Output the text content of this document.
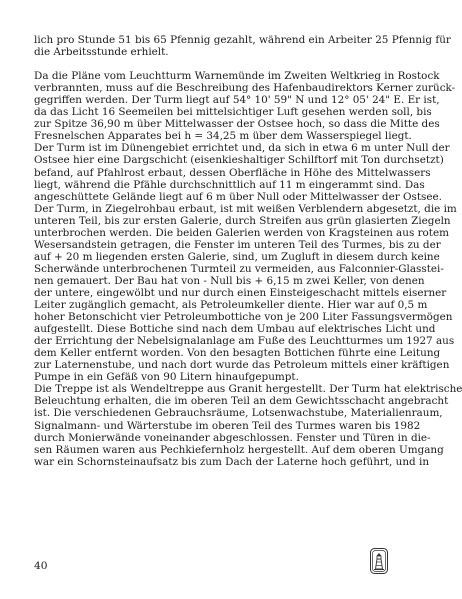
lich pro Stunde 51 bis 65 Pfennig gezahlt, während ein Arbeiter 25 Pfennig für
die Arbeitsstunde erhielt.
Da die Pläne vom Leuchtturm Warnemünde im Zweiten Weltkrieg in Rostock
verbrannten, muss auf die Beschreibung des Hafenbaudirektors Kerner zurück-
gegriffen werden. Der Turm liegt auf 54° 10' 59" N und 12° 05' 24" E. Er ist,
da das Licht 16 Seemeilen bei mittelsichtiger Luft gesehen werden soll, bis
zur Spitze 36,90 m über Mittelwasser der Ostsee hoch, so dass die Mitte des
Fresnelschen Apparates bei h = 34,25 m über dem Wasserspiegel liegt.
Der Turm ist im Dünengebiet errichtet und, da sich in etwa 6 m unter Null der
Ostsee hier eine Dargschicht (eisenkieshaltiger Schilftorf mit Ton durchsetzt)
befand, auf Pfahlrost erbaut, dessen Oberfläche in Höhe des Mittelwassers
liegt, während die Pfähle durchschnittlich auf 11 m eingerammt sind. Das
angeschüttete Gelände liegt auf 6 m über Null oder Mittelwasser der Ostsee.
Der Turm, in Ziegelrohbau erbaut, ist mit weißen Verblendern abgesetzt, die im
unteren Teil, bis zur ersten Galerie, durch Streifen aus grün glasierten Ziegeln
unterbrochen werden. Die beiden Galerien werden von Kragsteinen aus rotem
Wesersandstein getragen, die Fenster im unteren Teil des Turmes, bis zu der
auf + 20 m liegenden ersten Galerie, sind, um Zugluft in diesem durch keine
Scherwände unterbrochenen Turmteil zu vermeiden, aus Falconnier-Glasstei-
nen gemauert. Der Bau hat von - Null bis + 6,15 m zwei Keller, von denen
der untere, eingewölbt und nur durch einen Einsteigeschacht mittels eiserner
Leiter zugänglich gemacht, als Petroleumkeller diente. Hier war auf 0,5 m
hoher Betonschicht vier Petroleumbottiche von je 200 Liter Fassungsvermögen
aufgestellt. Diese Bottiche sind nach dem Umbau auf elektrisches Licht und
der Errichtung der Nebelsignalanlage am Fuße des Leuchtturmes um 1927 aus
dem Keller entfernt worden. Von den besagten Bottichen führte eine Leitung
zur Laternenstube, und nach dort wurde das Petroleum mittels einer kräftigen
Pumpe in ein Gefäß von 90 Litern hinaufgepumpt.
Die Treppe ist als Wendeltreppe aus Granit hergestellt. Der Turm hat elektrische
Beleuchtung erhalten, die im oberen Teil an dem Gewichtsschacht angebracht
ist. Die verschiedenen Gebrauchsräume, Lotsenwachstube, Materialienraum,
Signalmann- und Wärterstube im oberen Teil des Turmes waren bis 1982
durch Monierwände voneinander abgeschlossen. Fenster und Türen in die-
sen Räumen waren aus Pechkiefernholz hergestellt. Auf dem oberen Umgang
war ein Schornsteinaufsatz bis zum Dach der Laterne hoch geführt, und in
40
